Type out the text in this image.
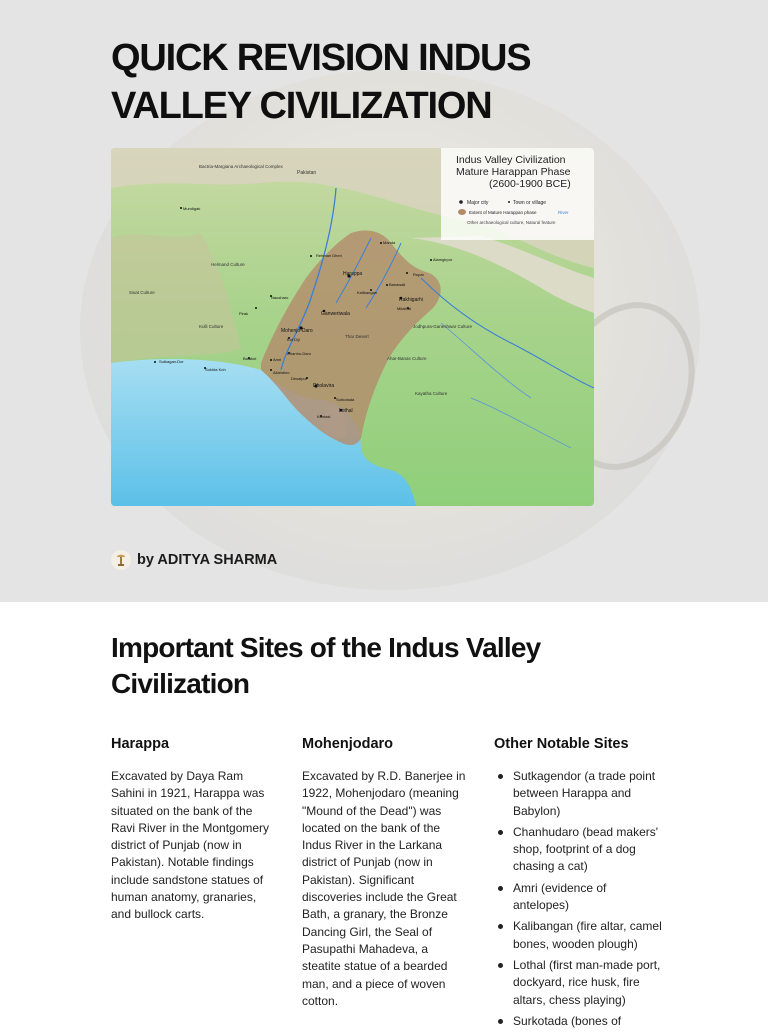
QUICK REVISION INDUS VALLEY CIVILIZATION
Indus Valley Civilization
Mature Harappan Phase
(2600-1900 BCE)
Major city	Town or village
Extent of Mature Harappan phase	River
Other archaeological culture, Natural feature
Bactria-Margiana Archaeological Complex
Pakistan
Helmand Culture
Kulli Culture	Jodhpura-Ganeshwar Culture
Ahar-Banas Culture
Kayatha Culture
Thar Desert
Swat Culture
Harappa
Mohenjo-Daro
Ganweriwala
Rakhigarhi
Dholavira
Lothal
Kalibangan
Chanhu-Daro
Rupar
Nausharo
Sutkagan-Dor	Amri
Kot Diji
Rehman Dheri
Banawali
Mitathal
Alamgirpur
Surkotada
Kuntasi
Sokhta Koh
Allahdino
Manda
Desalpur
Balakot
Pirak
Mundigak
by ADITYA SHARMA
Important Sites of the Indus Valley Civilization
Harappa

Excavated by Daya Ram Sahini in 1921, Harappa was situated on the bank of the Ravi River in the Montgomery district of Punjab (now in Pakistan). Notable findings include sandstone statues of human anatomy, granaries, and bullock carts.

Mohenjodaro

Excavated by R.D. Banerjee in 1922, Mohenjodaro (meaning "Mound of the Dead") was located on the bank of the Indus River in the Larkana district of Punjab (now in Pakistan). Significant discoveries include the Great Bath, a granary, the Bronze Dancing Girl, the Seal of Pasupathi Mahadeva, a steatite statue of a bearded man, and a piece of woven cotton.

Other Notable Sites
Sutkagendor (a trade point between Harappa and Babylon)
Chanhudaro (bead makers' shop, footprint of a dog chasing a cat)
Amri (evidence of antelopes)
Kalibangan (fire altar, camel bones, wooden plough)
Lothal (first man-made port, dockyard, rice husk, fire altars, chess playing)
Surkotada (bones of
